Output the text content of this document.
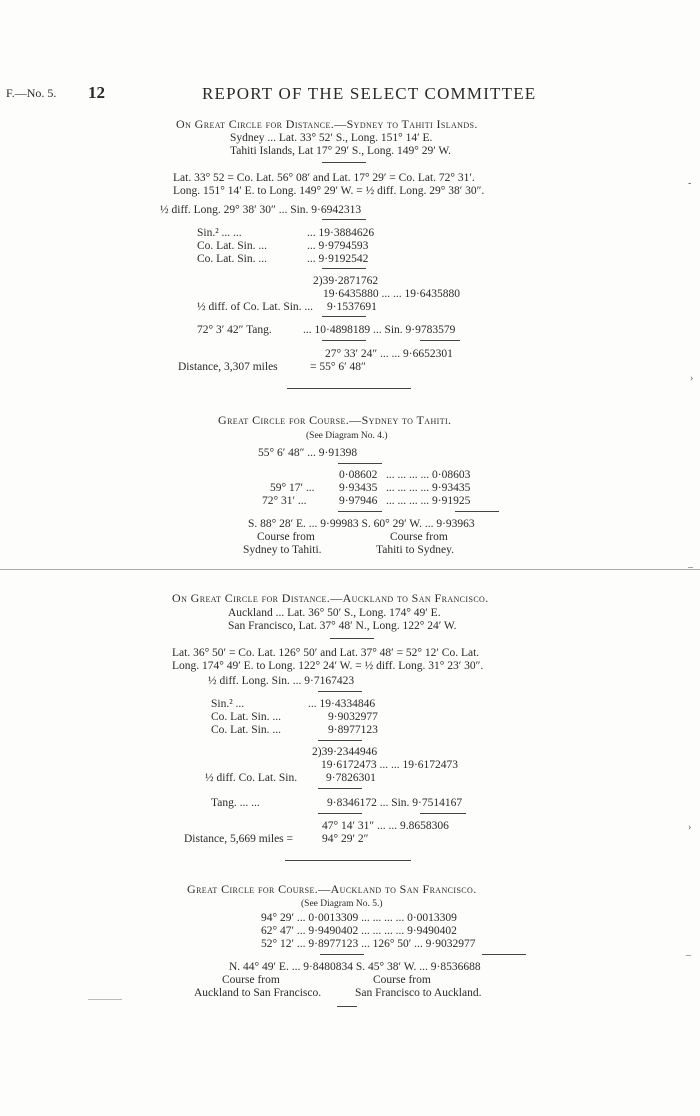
F.—No. 5. 12	REPORT OF THE SELECT COMMITTEE
On Great Circle for Distance.—Sydney to Tahiti Islands.
Sydney ... Lat. 33° 52′ S., Long. 151° 14′ E.
Tahiti Islands, Lat 17° 29′ S., Long. 149° 29′ W.
Lat. 33° 52 = Co. Lat. 56° 08′ and Lat. 17° 29′ = Co. Lat. 72° 31′.
Long. 151° 14′ E. to Long. 149° 29′ W. = ½ diff. Long. 29° 38′ 30″.
½ diff. Long. 29° 38′ 30″ ... Sin. 9·6942313
Sin.² ... ...	... 19·3884626
Co. Lat. Sin. ...	... 9·9794593
Co. Lat. Sin. ...	... 9·9192542
2)39·2871762
19·6435880 ... ... 19·6435880
½ diff. of Co. Lat. Sin. ... 9·1537691
72° 3′ 42″ Tang.	... 10·4898189 ... Sin. 9·9783579
27° 33′ 24″ ... ... 9·6652301
Distance, 3,307 miles	= 55° 6′ 48″
Great Circle for Course.—Sydney to Tahiti.
(See Diagram No. 4.)
55° 6′ 48″ ... 9·91398
0·08602 ... ... ... ... 0·08603
59° 17′ ... 9·93435 ... ... ... ... 9·93435
72° 31′ ...	9·97946 ... ... ... ... 9·91925
S. 88° 28′ E. ... 9·99983 S. 60° 29′ W. ... 9·93963
Course from
Sydney to Tahiti.
Course from
Tahiti to Sydney.
On Great Circle for Distance.—Auckland to San Francisco.
Auckland ... Lat. 36° 50′ S., Long. 174° 49′ E.
San Francisco, Lat. 37° 48′ N., Long. 122° 24′ W.
Lat. 36° 50′ = Co. Lat. 126° 50′ and Lat. 37° 48′ = 52° 12′ Co. Lat.
Long. 174° 49′ E. to Long. 122° 24′ W. = ½ diff. Long. 31° 23′ 30″.
½ diff. Long. Sin. ... 9·7167423
Sin.² ...	... 19·4334846
Co. Lat. Sin. ...	9·9032977
Co. Lat. Sin. ...	9·8977123
2)39·2344946
19·6172473 ... ... 19·6172473
½ diff. Co. Lat. Sin.	9·7826301
Tang. ... ...	9·8346172 ... Sin. 9·7514167
47° 14′ 31″ ... ... 9.8658306
Distance, 5,669 miles =	94° 29′ 2″
Great Circle for Course.—Auckland to San Francisco.
(See Diagram No. 5.)
94° 29′ ... 0·0013309 ... ... ... ... 0·0013309
62° 47′ ... 9·9490402 ... ... ... ... 9·9490402
52° 12′ ... 9·8977123 ... 126° 50′ ... 9·9032977
N. 44° 49′ E. ... 9·8480834 S. 45° 38′ W. ... 9·8536688
Course from
Auckland to San Francisco.
Course from
San Francisco to Auckland.
‐
›
–
›
–
